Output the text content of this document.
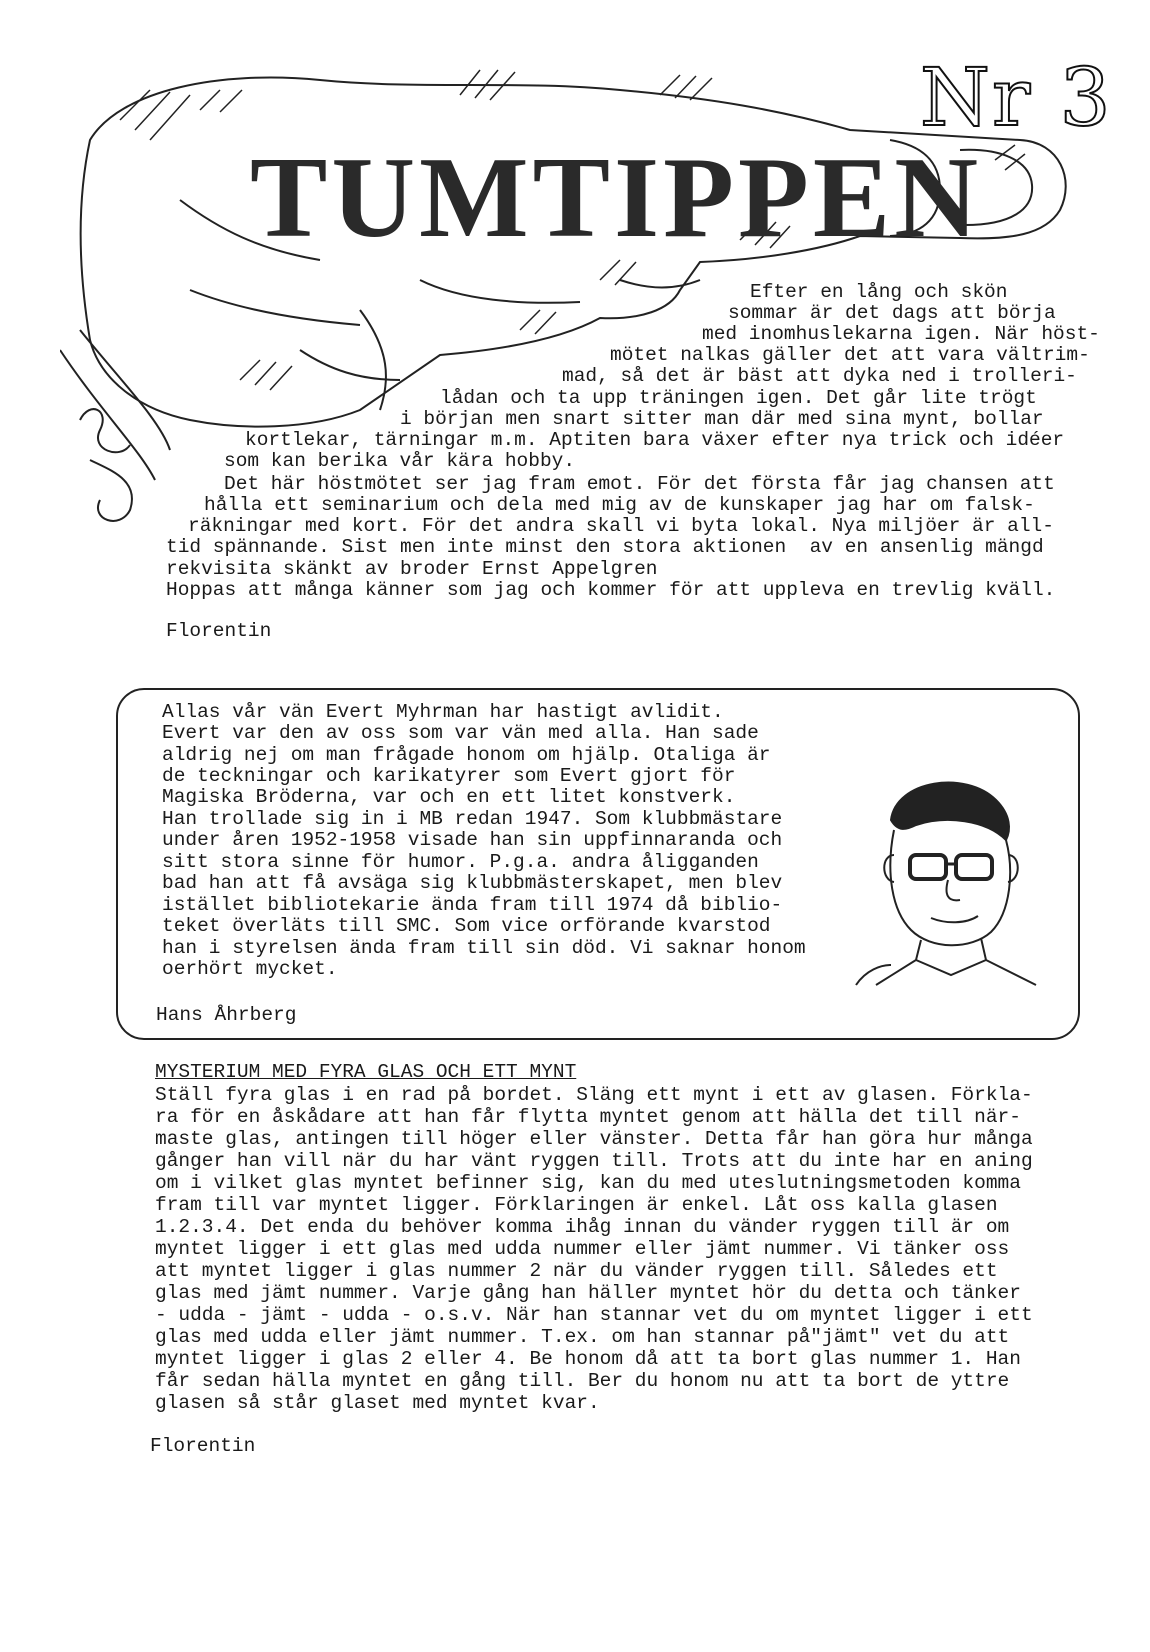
TUMTIPPEN
Nr 3
Efter en lång och skön
sommar är det dags att börja
med inomhuslekarna igen. När höst-
mötet nalkas gäller det att vara vältrim-
mad, så det är bäst att dyka ned i trolleri-
lådan och ta upp träningen igen. Det går lite trögt
i början men snart sitter man där med sina mynt, bollar
kortlekar, tärningar m.m. Aptiten bara växer efter nya trick och idéer
som kan berika vår kära hobby.
Det här höstmötet ser jag fram emot. För det första får jag chansen att
hålla ett seminarium och dela med mig av de kunskaper jag har om falsk-
räkningar med kort. För det andra skall vi byta lokal. Nya miljöer är all-
tid spännande. Sist men inte minst den stora aktionen  av en ansenlig mängd
rekvisita skänkt av broder Ernst Appelgren
Hoppas att många känner som jag och kommer för att uppleva en trevlig kväll.
Florentin
Allas vår vän Evert Myhrman har hastigt avlidit.
Evert var den av oss som var vän med alla. Han sade
aldrig nej om man frågade honom om hjälp. Otaliga är
de teckningar och karikatyrer som Evert gjort för
Magiska Bröderna, var och en ett litet konstverk.
Han trollade sig in i MB redan 1947. Som klubbmästare
under åren 1952-1958 visade han sin uppfinnaranda och
sitt stora sinne för humor. P.g.a. andra åligganden
bad han att få avsäga sig klubbmästerskapet, men blev
istället bibliotekarie ända fram till 1974 då biblio-
teket överläts till SMC. Som vice orförande kvarstod
han i styrelsen ända fram till sin död. Vi saknar honom
oerhört mycket.
Hans Åhrberg
MYSTERIUM MED FYRA GLAS OCH ETT MYNT
Ställ fyra glas i en rad på bordet. Släng ett mynt i ett av glasen. Förkla-
ra för en åskådare att han får flytta myntet genom att hälla det till när-
maste glas, antingen till höger eller vänster. Detta får han göra hur många
gånger han vill när du har vänt ryggen till. Trots att du inte har en aning
om i vilket glas myntet befinner sig, kan du med uteslutningsmetoden komma
fram till var myntet ligger. Förklaringen är enkel. Låt oss kalla glasen
1.2.3.4. Det enda du behöver komma ihåg innan du vänder ryggen till är om
myntet ligger i ett glas med udda nummer eller jämt nummer. Vi tänker oss
att myntet ligger i glas nummer 2 när du vänder ryggen till. Således ett
glas med jämt nummer. Varje gång han häller myntet hör du detta och tänker
- udda - jämt - udda - o.s.v. När han stannar vet du om myntet ligger i ett
glas med udda eller jämt nummer. T.ex. om han stannar på"jämt" vet du att
myntet ligger i glas 2 eller 4. Be honom då att ta bort glas nummer 1. Han
får sedan hälla myntet en gång till. Ber du honom nu att ta bort de yttre
glasen så står glaset med myntet kvar.
Florentin
